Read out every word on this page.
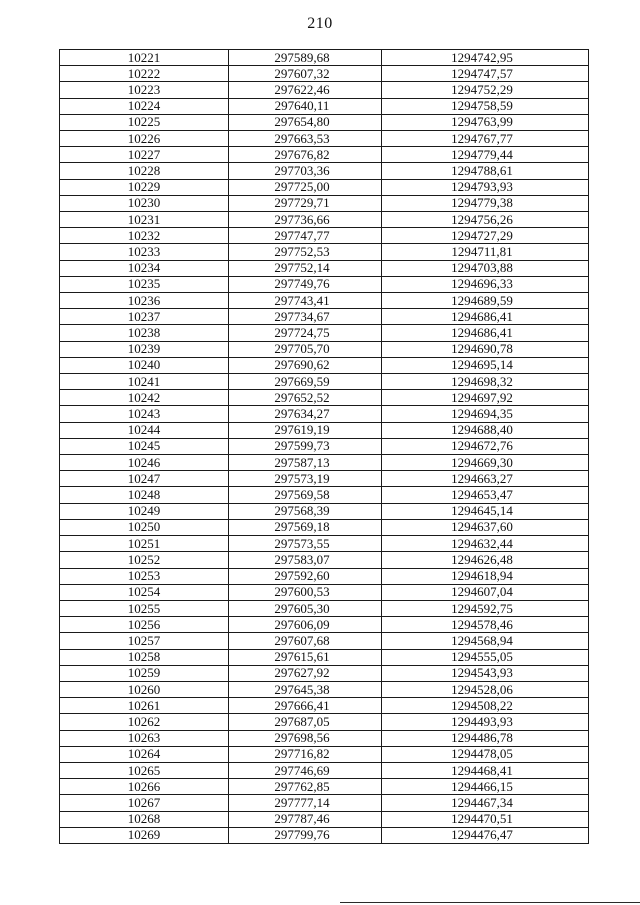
210
10221	297589,68	1294742,95
10222	297607,32	1294747,57
10223	297622,46	1294752,29
10224	297640,11	1294758,59
10225	297654,80	1294763,99
10226	297663,53	1294767,77
10227	297676,82	1294779,44
10228	297703,36	1294788,61
10229	297725,00	1294793,93
10230	297729,71	1294779,38
10231	297736,66	1294756,26
10232	297747,77	1294727,29
10233	297752,53	1294711,81
10234	297752,14	1294703,88
10235	297749,76	1294696,33
10236	297743,41	1294689,59
10237	297734,67	1294686,41
10238	297724,75	1294686,41
10239	297705,70	1294690,78
10240	297690,62	1294695,14
10241	297669,59	1294698,32
10242	297652,52	1294697,92
10243	297634,27	1294694,35
10244	297619,19	1294688,40
10245	297599,73	1294672,76
10246	297587,13	1294669,30
10247	297573,19	1294663,27
10248	297569,58	1294653,47
10249	297568,39	1294645,14
10250	297569,18	1294637,60
10251	297573,55	1294632,44
10252	297583,07	1294626,48
10253	297592,60	1294618,94
10254	297600,53	1294607,04
10255	297605,30	1294592,75
10256	297606,09	1294578,46
10257	297607,68	1294568,94
10258	297615,61	1294555,05
10259	297627,92	1294543,93
10260	297645,38	1294528,06
10261	297666,41	1294508,22
10262	297687,05	1294493,93
10263	297698,56	1294486,78
10264	297716,82	1294478,05
10265	297746,69	1294468,41
10266	297762,85	1294466,15
10267	297777,14	1294467,34
10268	297787,46	1294470,51
10269	297799,76	1294476,47
